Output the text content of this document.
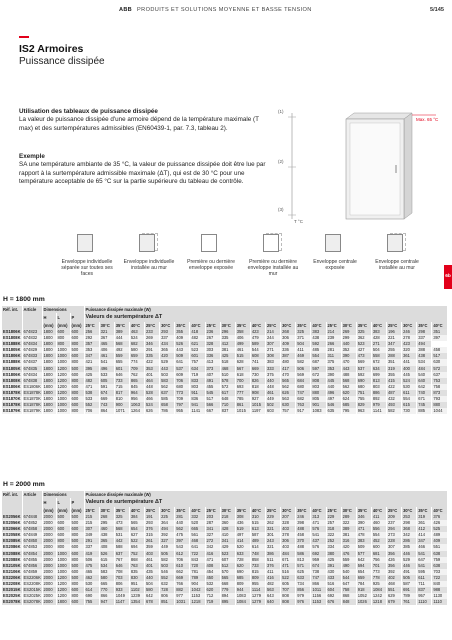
ABB PRODUITS ET SOLUTIONS MOYENNE ET BASSE TENSION	5/145
IS2 Armoires
Puissance dissipée
Utilisation des tableaux de puissance dissipée
La valeur de puissance dissipée d'une armoire dépend de la température maximale (T max) et des surtempératures admissibles (EN60439-1, par. 7.3, tableau 2).
Exemple
SA une température ambiante de 35 °C, la valeur de puissance dissipée doit être lue par rapport à la surtempérature admissible maximale (ΔT), qui est de 30 °C pour une température acceptable de 65 °C sur la partie supérieure du tableau de contrôle.
(1)
(2)
(3)
Max. 65 °C
T °C
Enveloppe individuelle séparée sur toutes ses faces
Enveloppe individuelle installée au mur
Première ou dernière enveloppe exposée
Première ou dernière enveloppe installée au mur
Enveloppe centrale exposée
Enveloppe centrale installée au mur
6b
H = 1800 mm
Réf. int.	Article	Dimensions			Puissance dissipée maximale (W)																							
		H	L	P	Valeurs de surtempérature ΔT																							
		(mm)	(mm)	(mm)	25°C	30°C	35°C	40°C	25°C	30°C	35°C	40°C	25°C	30°C	35°C	40°C	25°C	30°C	35°C	40°C	25°C	30°C	35°C	40°C	25°C	30°C	35°C	40°C
ES1806K	674823	1800	600	600	256	321	389	463	233	293	355	418	236	296	358	423	214	268	325	383	214	269	325	383	196	246	298	351
ES1808K	674832	1800	800	600	292	367	444	524	269	337	409	482	267	335	406	479	244	306	371	438	239	299	362	428	221	278	337	397
ES1888K	674834	1800	800	800	357	465	568	682	346	434	526	621	328	412	499	589	307	409	504	592	266	440	523	271	347	423	494	
ES1805K	674829	1800	1000	500	353	406	492	580	291	365	443	523	303	381	461	544	271	336	411	485	281	352	427	504	255	320	388	458
ES1806K	674833	1800	1000	600	347	461	559	659	335	420	509	601	336	425	515	608	308	387	469	554	311	390	473	558	288	361	438	517
ES1888K	674837	1800	1000	800	421	541	655	774	422	529	641	757	413	518	628	741	383	480	582	687	375	470	569	672	351	441	534	630
ES1805K	674835	1800	1200	500	395	496	601	709	353	443	537	634	373	468	567	669	333	417	506	597	353	443	537	634	319	400	484	572
ES1806K	674834	1800	1200	600	425	533	646	762	401	503	609	719	407	510	618	730	375	470	569	672	390	488	592	699	355	445	540	637
ES1808K	674838	1800	1200	800	482	605	733	865	464	583	706	833	491	578	700	826	440	565	684	808	445	568	690	813	415	524	640	753
ES1806K	ES1806K	1800	1200	600	471	591	715	845	448	562	680	803	455	572	693	818	448	562	680	803	440	562	680	803	422	530	642	758
ES1878K	ES1878K	1800	1200	800	538	674	817	964	528	637	773	911	545	617	777	908	461	626	747	880	496	620	751	886	487	611	740	873
ES1870K	ES1870K	1800	1000	600	533	669	810	956	466	585	709	836	517	648	785	927	449	563	682	805	497	624	755	892	432	554	671	793
ES1878K	ES1878K	1800	1000	600	552	743	900	1063	524	658	797	941	566	710	861	1015	502	630	763	901	546	685	829	979	493	615	745	880
ES1879K	ES1879K	1800	1000	800	706	864	1071	1264	626	786	955	1141	667	837	1015	1197	603	757	917	1083	635	795	963	1141	582	730	885	1044
H = 2000 mm
Réf. int.	Article	Dimensions			Puissance dissipée maximale (W)																							
		H	L	P	Valeurs de surtempérature ΔT																							
		(mm)	(mm)	(mm)	25°C	30°C	35°C	40°C	25°C	30°C	35°C	40°C	25°C	30°C	35°C	40°C	25°C	30°C	35°C	40°C	25°C	30°C	35°C	40°C	25°C	30°C	35°C	40°C
ES2056K	674848	2000	500	500	215	268	325	384	191	225	281	332	203	218	308	310	229	207	246	313	229	289	346	411	209	253	319	376
ES2056K	674852	2000	600	500	215	295	473	565	293	364	440	520	287	360	436	515	262	328	398	471	257	322	390	460	237	298	361	426
ES2066K	674858	2000	600	600	307	460	568	654	376	494	562	665	341	428	519	613	321	403	488	576	318	389	471	556	294	368	412	525
ES2058K	674849	2000	600	800	349	438	531	627	315	392	475	561	327	410	497	587	301	378	458	541	322	381	478	554	273	342	414	489
ES2085K	674850	2000	800	500	291	365	442	522	261	327	397	468	272	341	414	489	243	306	370	437	252	316	383	452	228	286	347	409
ES2086K	674853	2000	800	600	337	408	588	694	359	449	543	641	342	429	520	614	321	403	488	576	334	420	509	600	307	385	466	551
ES2088K	674854	2000	1000	600	419	526	637	752	403	505	612	722	416	523	633	748	386	484	586	692	380	476	577	681	356	446	541	638
ES2088K	674855	2000	1000	800	506	615	767	868	461	582	706	843	471	607	728	858	511	671	813	959	425	559	642	756	426	529	647	759
ES2105K	674856	2000	1000	500	475	534	646	763	401	503	610	720	408	512	620	733	376	471	571	674	391	490	594	701	356	446	541	638
ES2106K	674859	2000	1000	600	465	583	708	835	435	546	662	781	454	570	690	815	411	516	625	738	430	540	654	773	392	491	595	703
ES2206K	ES2206K	2000	1200	500	462	580	703	830	440	552	669	789	450	565	685	809	416	522	633	747	433	544	659	778	402	505	611	722
ES2208K	ES2208K	2000	1200	800	530	665	806	951	504	632	766	904	532	668	809	955	482	605	734	866	516	647	784	925	468	587	711	840
ES2015K	ES2015K	2000	1200	600	614	770	933	1102	580	728	882	1042	620	779	944	1114	563	707	856	1011	604	758	918	1084	551	691	837	988
ES2025K	ES2025K	2000	1200	800	690	866	1049	1239	642	806	977	1153	712	894	1083	1279	643	808	979	1156	692	868	1052	1242	629	789	957	1130
ES2078K	ES2078K	2000	1800	600	755	947	1147	1354	678	851	1031	1218	719	895	1084	1279	640	808	976	1153	676	848	1026	1218	679	761	1110	1110
